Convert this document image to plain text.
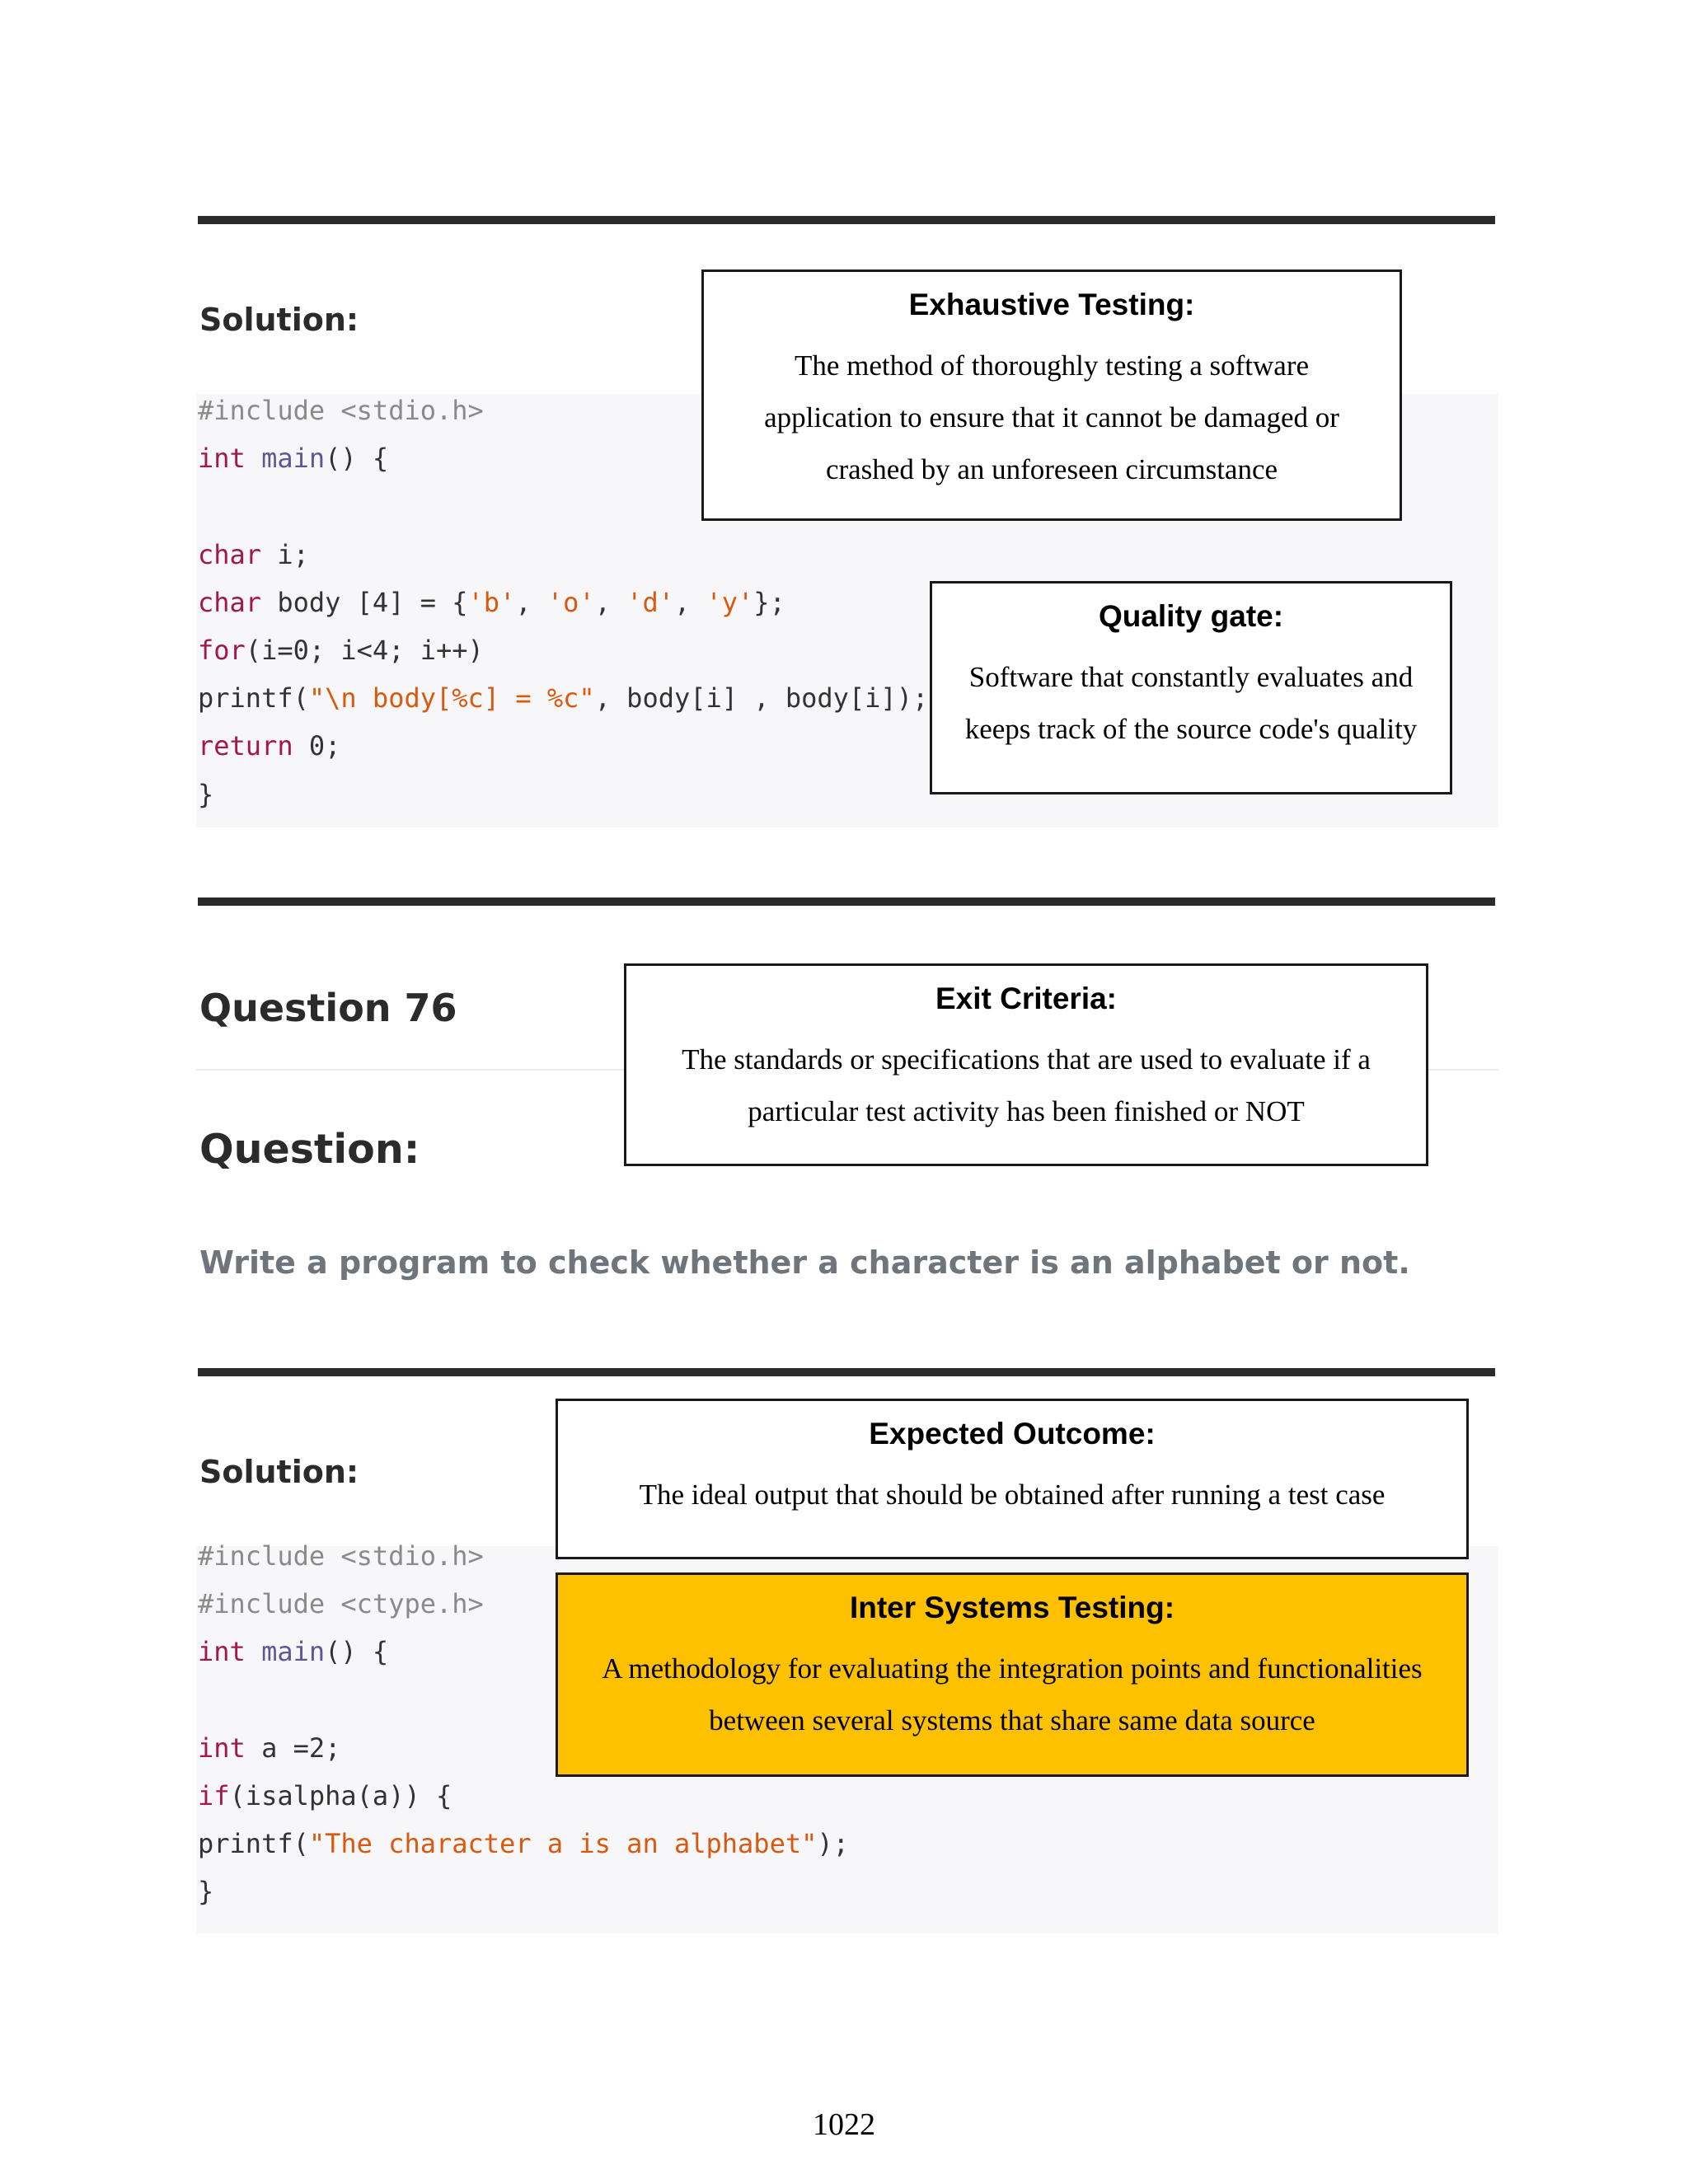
Solution:
#include <stdio.h>
int main() {

char i;
char body [4] = {'b', 'o', 'd', 'y'};
for(i=0; i<4; i++)
printf("\n body[%c] = %c", body[i] , body[i]);
return 0;
}
Exhaustive Testing:
The method of thoroughly testing a software
application to ensure that it cannot be damaged or
crashed by an unforeseen circumstance
Quality gate:
Software that constantly evaluates and
keeps track of the source code's quality
Question 76
Question:
Write a program to check whether a character is an alphabet or not.
Exit Criteria:
The standards or specifications that are used to evaluate if a
particular test activity has been finished or NOT
Solution:
#include <stdio.h>
#include <ctype.h>
int main() {

int a =2;
if(isalpha(a)) {
printf("The character a is an alphabet");
}
Expected Outcome:
The ideal output that should be obtained after running a test case
Inter Systems Testing:
A methodology for evaluating the integration points and functionalities
between several systems that share same data source
1022
